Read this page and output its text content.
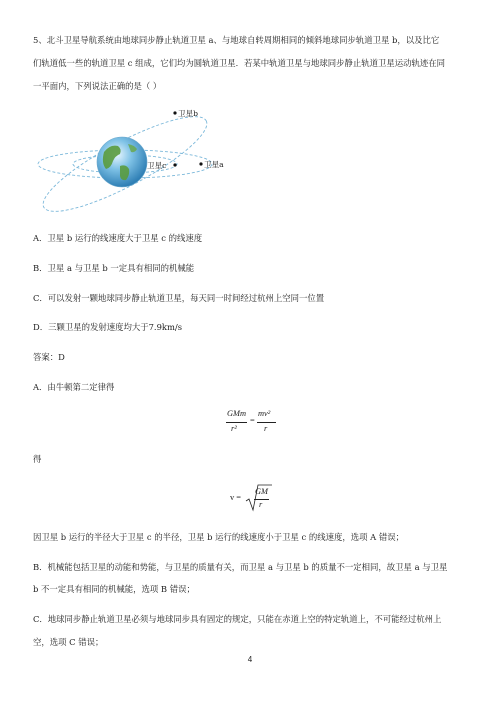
5、北斗卫星导航系统由地球同步静止轨道卫星 a、与地球自转周期相同的倾斜地球同步轨道卫星 b，以及比它
们轨道低一些的轨道卫星 c 组成，它们均为圆轨道卫星．若某中轨道卫星与地球同步静止轨道卫星运动轨迹在同
一平面内，下列说法正确的是（ ）
卫星b
卫星c	卫星a
A．卫星 b 运行的线速度大于卫星 c 的线速度
B．卫星 a 与卫星 b 一定具有相同的机械能
C．可以发射一颗地球同步静止轨道卫星，每天同一时间经过杭州上空同一位置
D．三颗卫星的发射速度均大于7.9km/s
答案：D
A．由牛顿第二定律得
GMm
r²
=
mv²
r
得
v =
GM
r
因卫星 b 运行的半径大于卫星 c 的半径，卫星 b 运行的线速度小于卫星 c 的线速度，选项 A 错误；
B．机械能包括卫星的动能和势能，与卫星的质量有关，而卫星 a 与卫星 b 的质量不一定相同，故卫星 a 与卫星
b 不一定具有相同的机械能，选项 B 错误；
C．地球同步静止轨道卫星必须与地球同步具有固定的规定，只能在赤道上空的特定轨道上，不可能经过杭州上
空，选项 C 错误；
4
